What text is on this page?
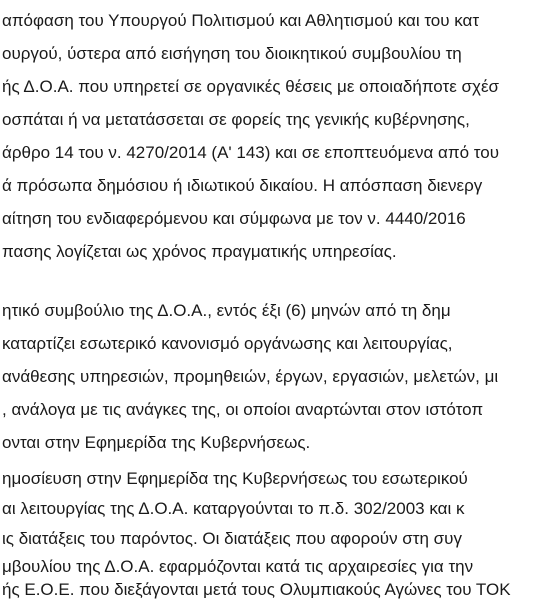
απόφαση του Υπουργού Πολιτισμού και Αθλητισμού και του κατ
ουργού, ύστερα από εισήγηση του διοικητικού συμβουλίου τη
ής Δ.Ο.Α. που υπηρετεί σε οργανικές θέσεις με οποιαδήποτε σχέσ
οσπάται ή να μετατάσσεται σε φορείς της γενικής κυβέρνησης,
άρθρο 14 του ν. 4270/2014 (Α' 143) και σε εποπτευόμενα από του
ά πρόσωπα δημόσιου ή ιδιωτικού δικαίου. Η απόσπαση διενεργ
αίτηση του ενδιαφερόμενου και σύμφωνα με τον ν. 4440/2016
πασης λογίζεται ως χρόνος πραγματικής υπηρεσίας.
ητικό συμβούλιο της Δ.Ο.Α., εντός έξι (6) μηνών από τη δημ
καταρτίζει εσωτερικό κανονισμό οργάνωσης και λειτουργίας,
ανάθεσης υπηρεσιών, προμηθειών, έργων, εργασιών, μελετών, μι
, ανάλογα με τις ανάγκες της, οι οποίοι αναρτώνται στον ιστότοπ
ονται στην Εφημερίδα της Κυβερνήσεως.
ημοσίευση στην Εφημερίδα της Κυβερνήσεως του εσωτερικού
αι λειτουργίας της Δ.Ο.Α. καταργούνται το π.δ. 302/2003 και κ
ις διατάξεις του παρόντος. Οι διατάξεις που αφορούν στη συγ
μβουλίου της Δ.Ο.Α. εφαρμόζονται κατά τις αρχαιρεσίες για την
ής Ε.Ο.Ε. που διεξάγονται μετά τους Ολυμπιακούς Αγώνες του ΤΟΚ
